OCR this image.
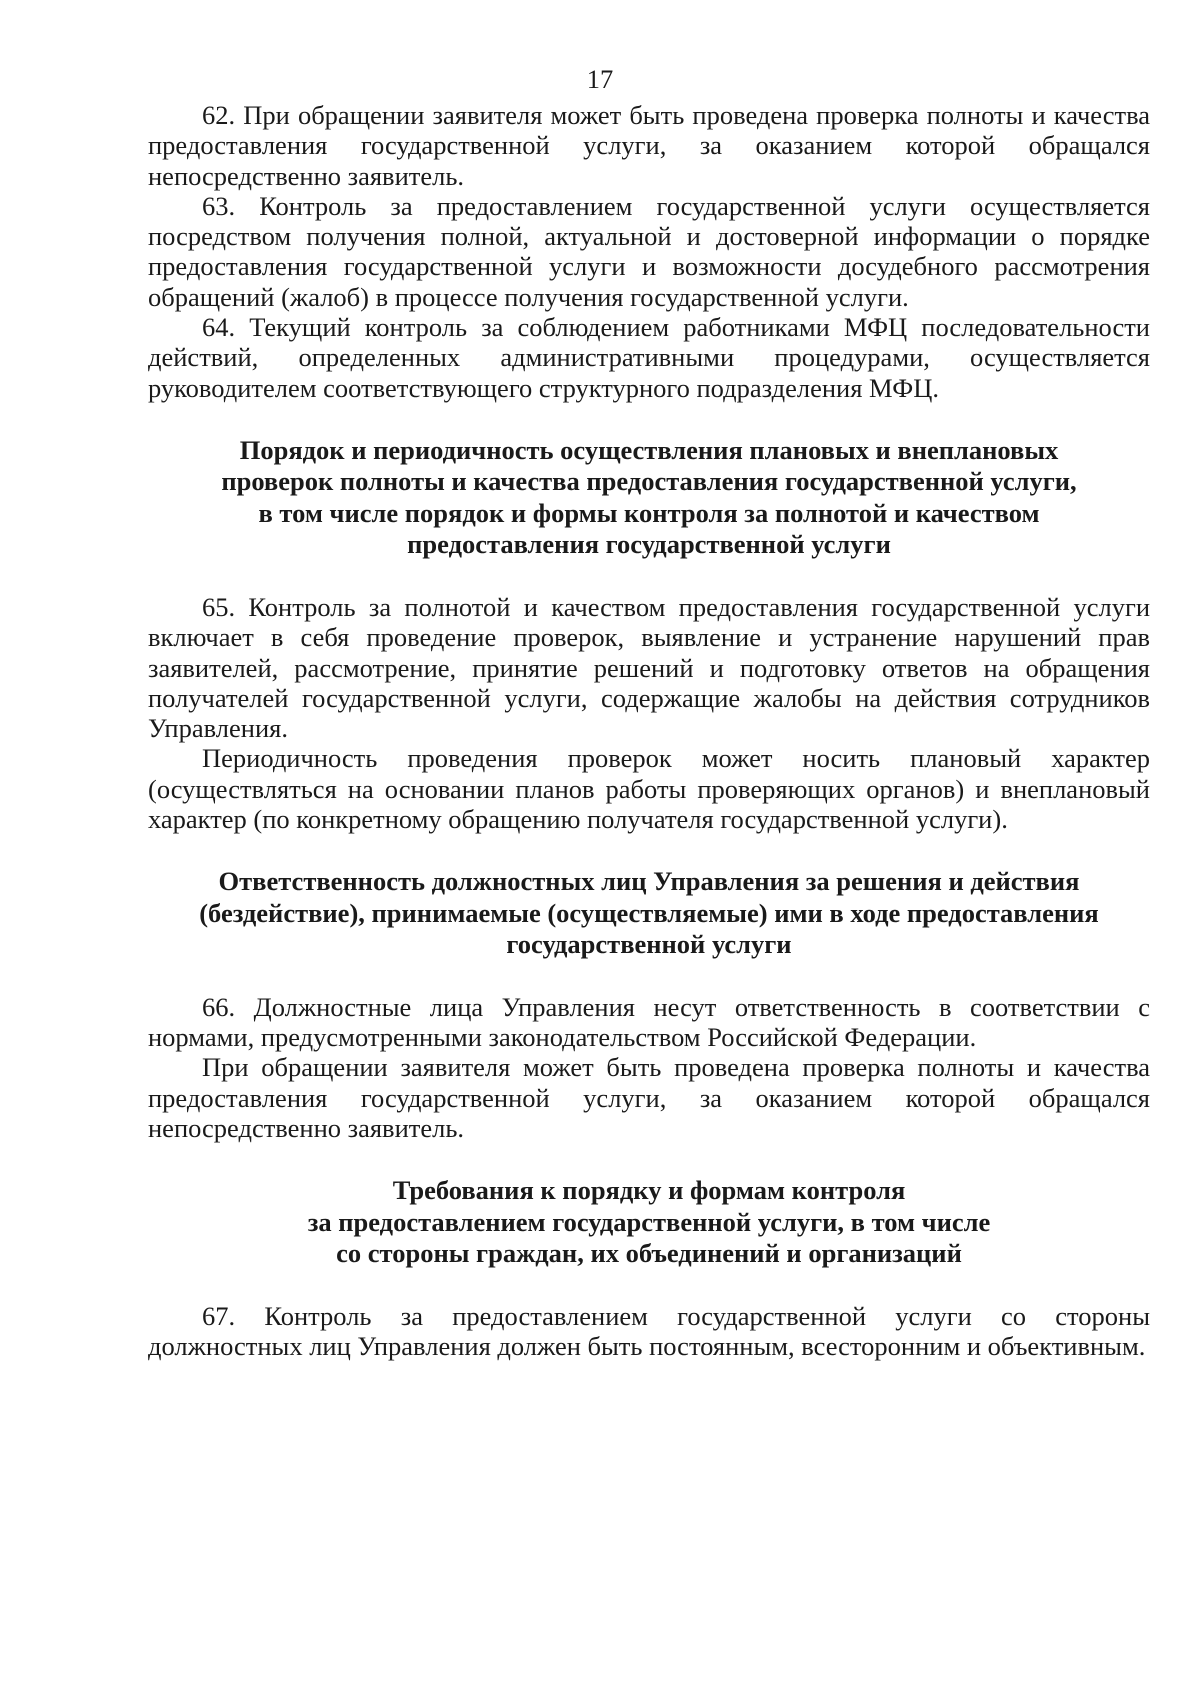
17

62. При обращении заявителя может быть проведена проверка полноты и качества предоставления государственной услуги, за оказанием которой обращался непосредственно заявитель.

63. Контроль за предоставлением государственной услуги осуществляется посредством получения полной, актуальной и достоверной информации о порядке предоставления государственной услуги и возможности досудебного рассмотрения обращений (жалоб) в процессе получения государственной услуги.

64. Текущий контроль за соблюдением работниками МФЦ последовательности действий, определенных административными процедурами, осуществляется руководителем соответствующего структурного подразделения МФЦ.

Порядок и периодичность осуществления плановых и внеплановых
проверок полноты и качества предоставления государственной услуги,
в том числе порядок и формы контроля за полнотой и качеством
предоставления государственной услуги

65. Контроль за полнотой и качеством предоставления государственной услуги включает в себя проведение проверок, выявление и устранение нарушений прав заявителей, рассмотрение, принятие решений и подготовку ответов на обращения получателей государственной услуги, содержащие жалобы на действия сотрудников Управления.

Периодичность проведения проверок может носить плановый характер (осуществляться на основании планов работы проверяющих органов) и внеплановый характер (по конкретному обращению получателя государственной услуги).

Ответственность должностных лиц Управления за решения и действия
(бездействие), принимаемые (осуществляемые) ими в ходе предоставления
государственной услуги

66. Должностные лица Управления несут ответственность в соответствии с нормами, предусмотренными законодательством Российской Федерации.

При обращении заявителя может быть проведена проверка полноты и качества предоставления государственной услуги, за оказанием которой обращался непосредственно заявитель.

Требования к порядку и формам контроля
за предоставлением государственной услуги, в том числе
со стороны граждан, их объединений и организаций

67. Контроль за предоставлением государственной услуги со стороны должностных лиц Управления должен быть постоянным, всесторонним и объективным.
